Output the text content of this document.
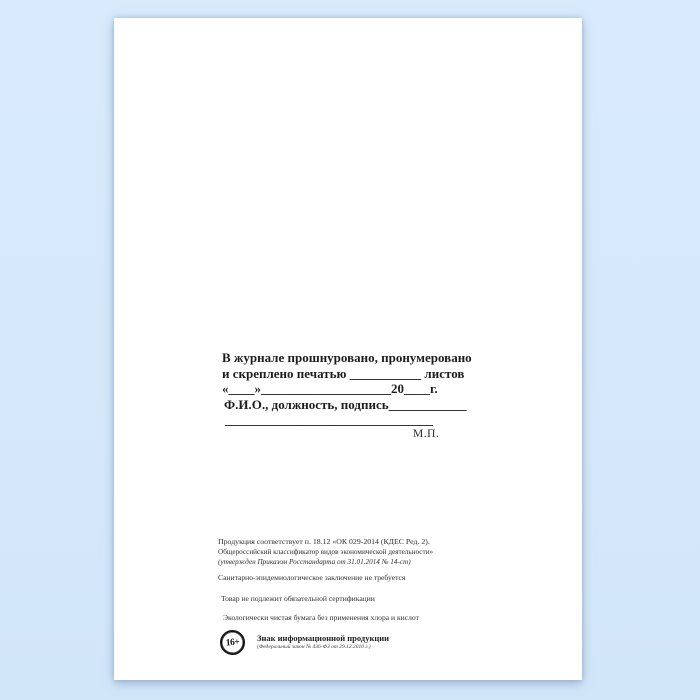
В журнале прошнуровано, пронумеровано
и скреплено печатью ___________ листов
«____»____________________20____г.
Ф.И.О., должность, подпись____________
________________________________
М.П.
Продукция соответствует п. 18.12 «ОК 029-2014 (КДЕС Ред. 2).
Общероссийский классификатор видов экономической деятельности»
(утвержден Приказом Росстандарта от 31.01.2014 № 14-ст)
Санитарно-эпидемиологическое заключение не требуется
Товар не подлежит обязательной сертификации
Экологически чистая бумага без применения хлора и кислот
16+	Знак информационной продукции
(Федеральный закон № 436-ФЗ от 29.12.2010 г.)
